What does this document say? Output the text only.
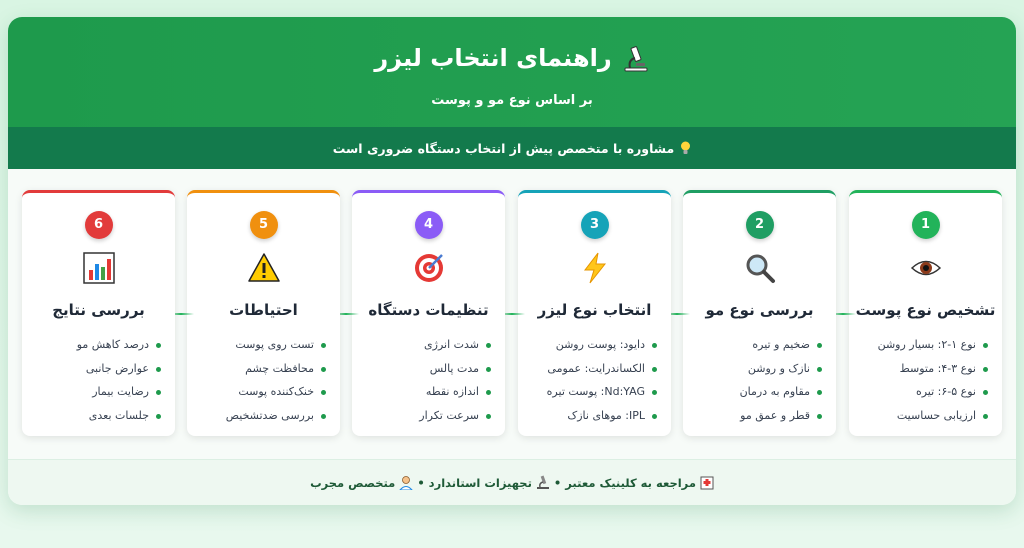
راهنمای انتخاب لیزر
بر اساس نوع مو و پوست
مشاوره با متخصص پیش از انتخاب دستگاه ضروری است
1
تشخیص نوع پوست
نوع ۱-۲: بسیار روشن
نوع ۳-۴: متوسط
نوع ۵-۶: تیره
ارزیابی حساسیت
2
بررسی نوع مو
ضخیم و تیره
نازک و روشن
مقاوم به درمان
قطر و عمق مو
3
انتخاب نوع لیزر
دایود: پوست روشن
الکساندرایت: عمومی
Nd:YAG: پوست تیره
IPL: موهای نازک
4
تنظیمات دستگاه
شدت انرژی
مدت پالس
اندازه نقطه
سرعت تکرار
5
احتیاطات
تست روی پوست
محافظت چشم
خنک‌کننده پوست
بررسی ضدتشخیص
6
بررسی نتایج
درصد کاهش مو
عوارض جانبی
رضایت بیمار
جلسات بعدی
مراجعه به کلینیک معتبر
•
تجهیزات استاندارد
•
متخصص مجرب
